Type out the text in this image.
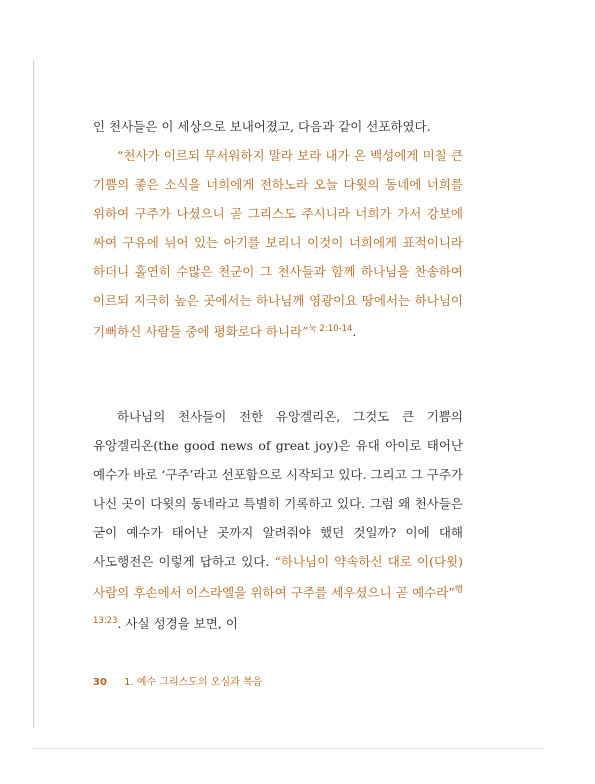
인 천사들은 이 세상으로 보내어졌고, 다음과 같이 선포하였다.

“천사가 이르되 무서워하지 말라 보라 내가 온 백성에게 미칠 큰 기쁨의 좋은 소식을 너희에게 전하노라 오늘 다윗의 동네에 너희를 위하여 구주가 나셨으니 곧 그리스도 주시니라 너희가 가서 강보에 싸여 구유에 뉘어 있는 아기를 보리니 이것이 너희에게 표적이니라 하더니 홀연히 수많은 천군이 그 천사들과 함께 하나님을 찬송하여 이르되 지극히 높은 곳에서는 하나님께 영광이요 땅에서는 하나님이 기뻐하신 사람들 중에 평화로다 하니라”$^{눅 2:10-14}$.

하나님의 천사들이 전한 유앙겔리온, 그것도 큰 기쁨의 유앙겔리온(the good news of great joy)은 유대 아이로 태어난 예수가 바로 ‘구주’라고 선포함으로 시작되고 있다. 그리고 그 구주가 나신 곳이 다윗의 동네라고 특별히 기록하고 있다. 그럼 왜 천사들은 굳이 예수가 태어난 곳까지 알려줘야 했던 것일까? 이에 대해 사도행전은 이렇게 답하고 있다. “하나님이 약속하신 대로 이(다윗) 사람의 후손에서 이스라엘을 위하여 구주를 세우셨으니 곧 예수라”$^{행 13:23}$. 사실 성경을 보면, 이

30 1. 예수 그리스도의 오심과 복음
